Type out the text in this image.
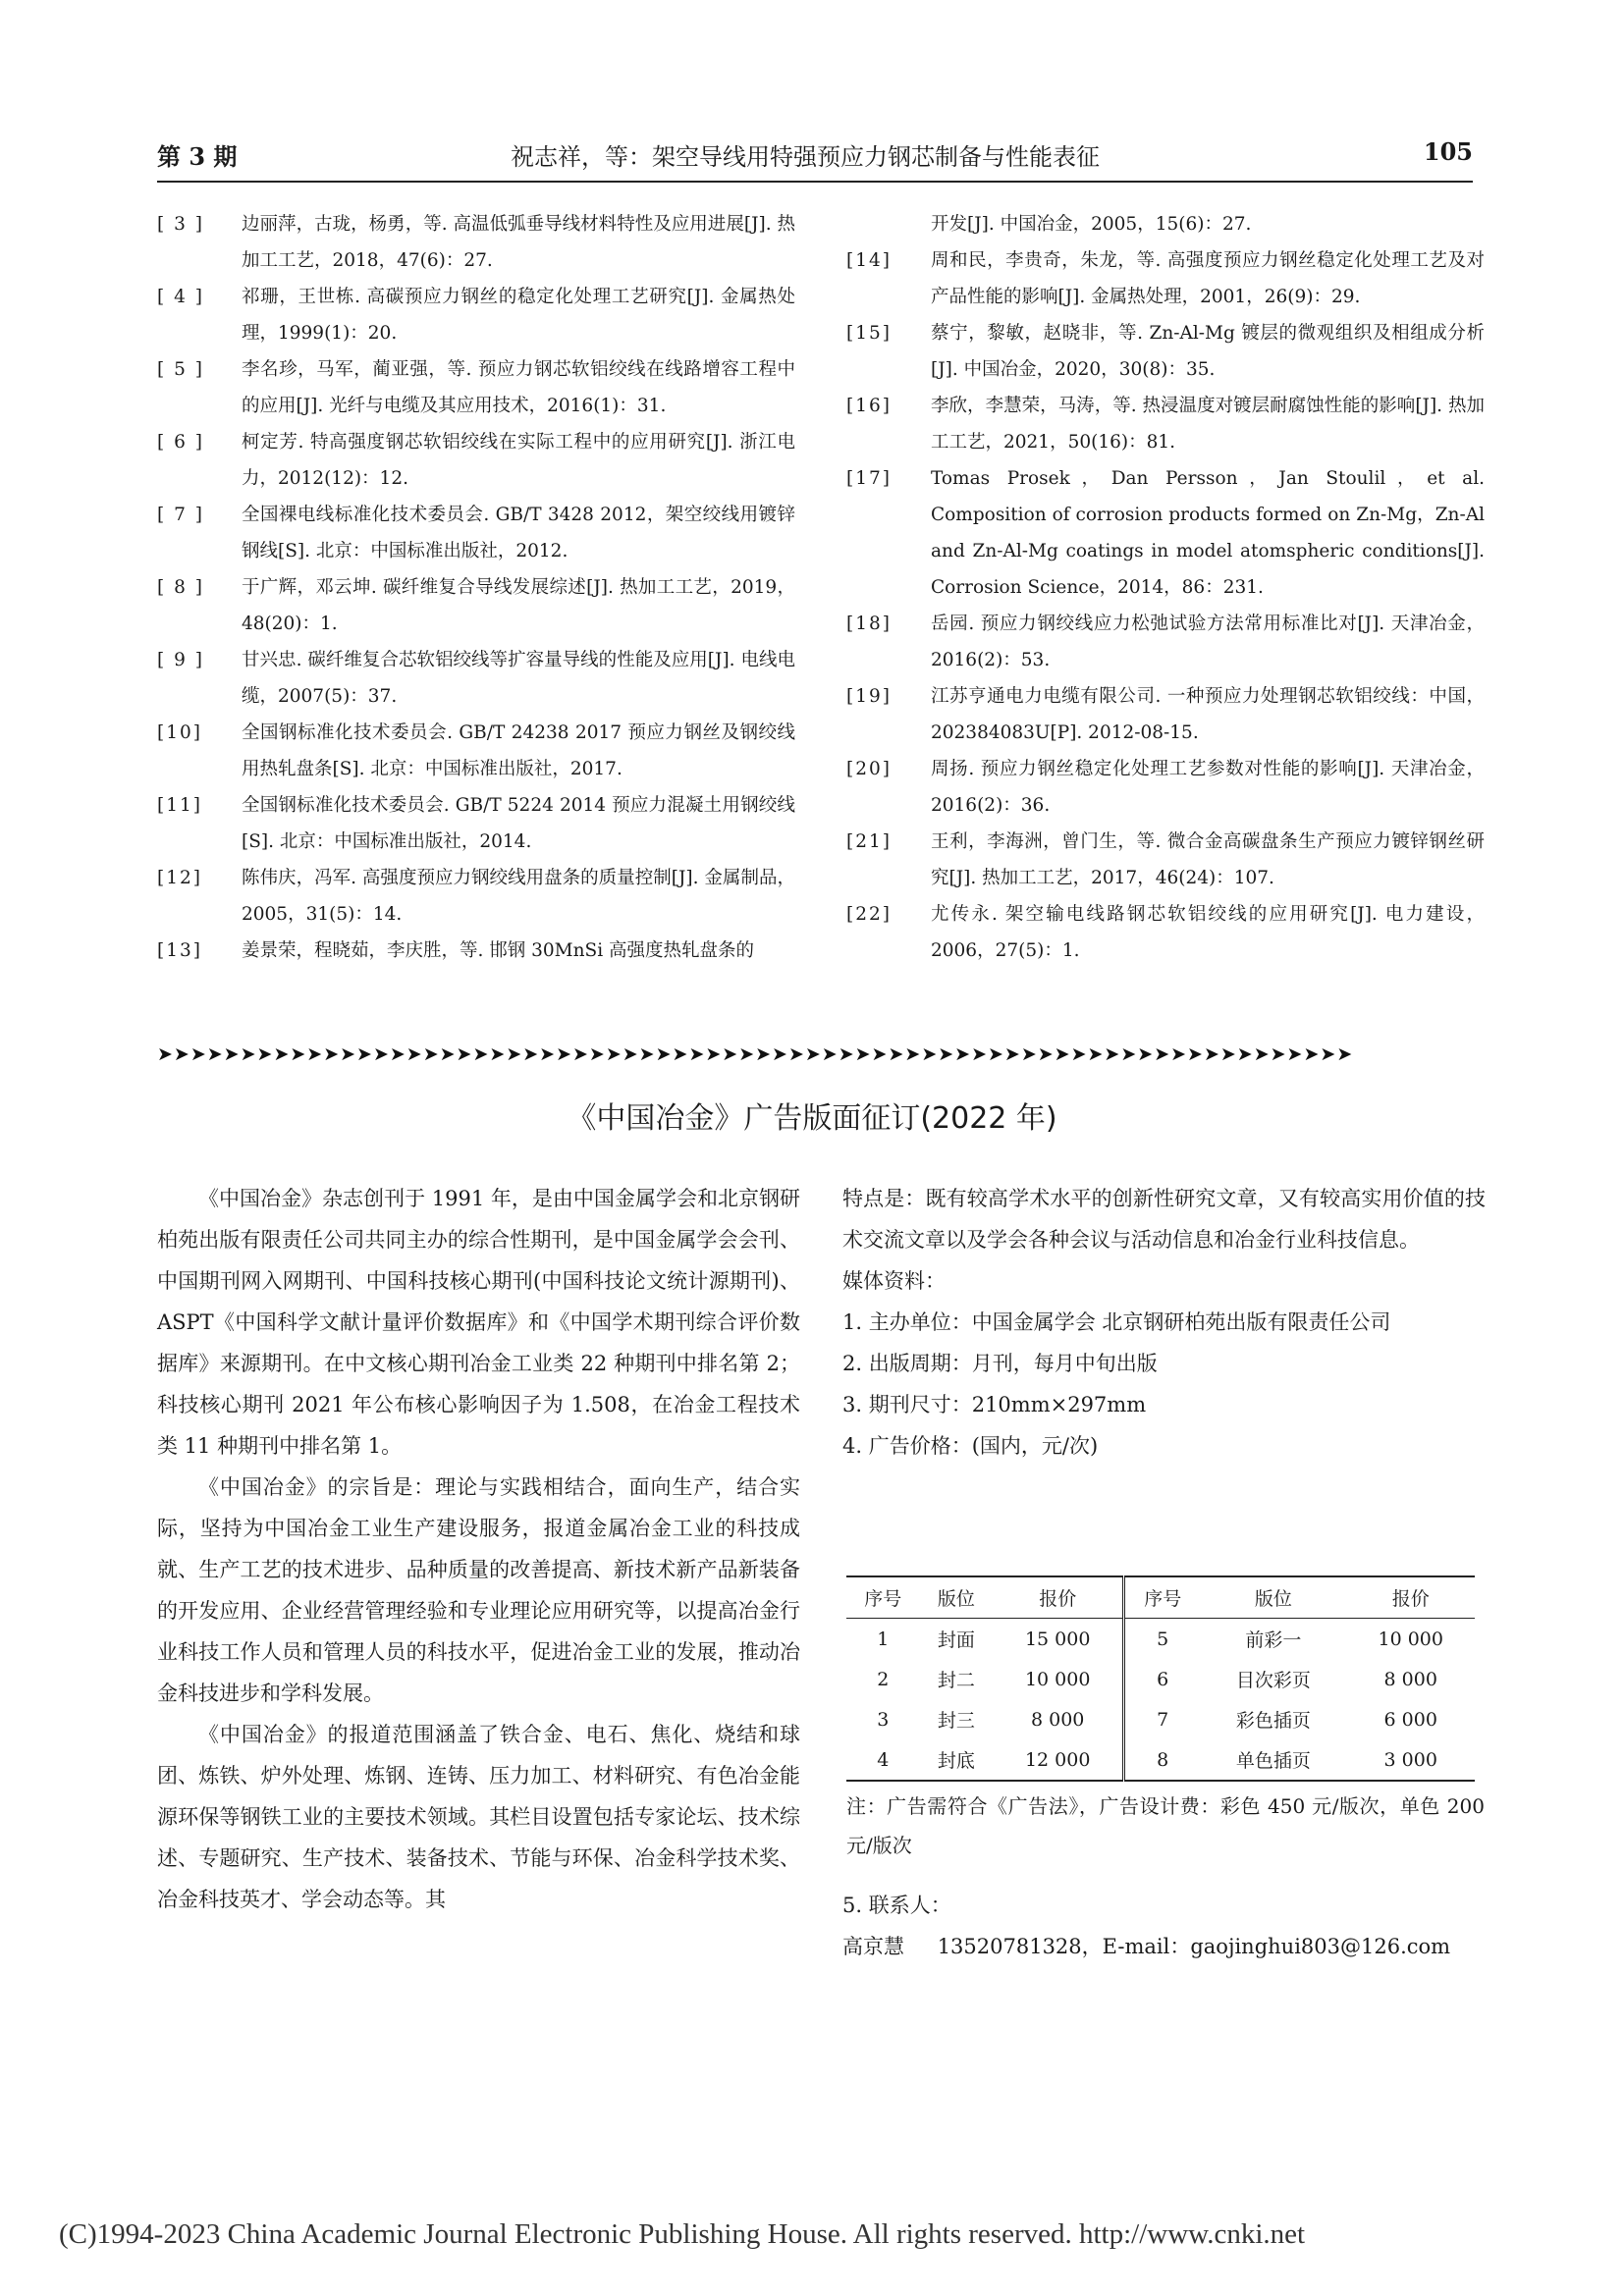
第 3 期	祝志祥，等：架空导线用特强预应力钢芯制备与性能表征	105

[ 3 ]	边丽萍，古珑，杨勇，等. 高温低弧垂导线材料特性及应用进展[J]. 热加工工艺，2018，47(6)：27.

[ 4 ]	祁珊，王世栋. 高碳预应力钢丝的稳定化处理工艺研究[J]. 金属热处理，1999(1)：20.

[ 5 ]	李名珍，马军，蔺亚强，等. 预应力钢芯软铝绞线在线路增容工程中的应用[J]. 光纤与电缆及其应用技术，2016(1)：31.

[ 6 ]	柯定芳. 特高强度钢芯软铝绞线在实际工程中的应用研究[J]. 浙江电力，2012(12)：12.

[ 7 ]	全国裸电线标准化技术委员会. GB/T 3428 2012，架空绞线用镀锌钢线[S]. 北京：中国标准出版社，2012.

[ 8 ]	于广辉，邓云坤. 碳纤维复合导线发展综述[J]. 热加工工艺，2019，48(20)：1.

[ 9 ]	甘兴忠. 碳纤维复合芯软铝绞线等扩容量导线的性能及应用[J]. 电线电缆，2007(5)：37.

[10]	全国钢标准化技术委员会. GB/T 24238 2017 预应力钢丝及钢绞线用热轧盘条[S]. 北京：中国标准出版社，2017.

[11]	全国钢标准化技术委员会. GB/T 5224 2014 预应力混凝土用钢绞线[S]. 北京：中国标准出版社，2014.

[12]	陈伟庆，冯军. 高强度预应力钢绞线用盘条的质量控制[J]. 金属制品，2005，31(5)：14.

[13]	姜景荣，程晓茹，李庆胜，等. 邯钢 30MnSi 高强度热轧盘条的

开发[J]. 中国冶金，2005，15(6)：27.

[14]	周和民，李贵奇，朱龙，等. 高强度预应力钢丝稳定化处理工艺及对产品性能的影响[J]. 金属热处理，2001，26(9)：29.

[15]	蔡宁，黎敏，赵晓非，等. Zn-Al-Mg 镀层的微观组织及相组成分析[J]. 中国冶金，2020，30(8)：35.

[16]	李欣，李慧荣，马涛，等. 热浸温度对镀层耐腐蚀性能的影响[J]. 热加工工艺，2021，50(16)：81.

[17]	Tomas Prosek，Dan Persson，Jan Stoulil，et al. Composition of corrosion products formed on Zn-Mg，Zn-Al and Zn-Al-Mg coatings in model atomspheric conditions[J]. Corrosion Science，2014，86：231.

[18]	岳园. 预应力钢绞线应力松弛试验方法常用标准比对[J]. 天津冶金，2016(2)：53.

[19]	江苏亨通电力电缆有限公司. 一种预应力处理钢芯软铝绞线：中国，202384083U[P]. 2012-08-15.

[20]	周扬. 预应力钢丝稳定化处理工艺参数对性能的影响[J]. 天津冶金，2016(2)：36.

[21]	王利，李海洲，曾门生，等. 微合金高碳盘条生产预应力镀锌钢丝研究[J]. 热加工工艺，2017，46(24)：107.

[22]	尤传永. 架空输电线路钢芯软铝绞线的应用研究[J]. 电力建设，2006，27(5)：1.

➤➤➤➤➤➤➤➤➤➤➤➤➤➤➤➤➤➤➤➤➤➤➤➤➤➤➤➤➤➤➤➤➤➤➤➤➤➤➤➤➤➤➤➤➤➤➤➤➤➤➤➤➤➤➤➤➤➤➤➤➤➤➤➤➤➤➤➤➤➤➤➤
《中国冶金》广告版面征订(2022 年)

《中国冶金》杂志创刊于 1991 年，是由中国金属学会和北京钢研柏苑出版有限责任公司共同主办的综合性期刊，是中国金属学会会刊、中国期刊网入网期刊、中国科技核心期刊(中国科技论文统计源期刊)、ASPT《中国科学文献计量评价数据库》和《中国学术期刊综合评价数据库》来源期刊。在中文核心期刊冶金工业类 22 种期刊中排名第 2；科技核心期刊 2021 年公布核心影响因子为 1.508，在冶金工程技术类 11 种期刊中排名第 1。

《中国冶金》的宗旨是：理论与实践相结合，面向生产，结合实际，坚持为中国冶金工业生产建设服务，报道金属冶金工业的科技成就、生产工艺的技术进步、品种质量的改善提高、新技术新产品新装备的开发应用、企业经营管理经验和专业理论应用研究等，以提高冶金行业科技工作人员和管理人员的科技水平，促进冶金工业的发展，推动冶金科技进步和学科发展。

《中国冶金》的报道范围涵盖了铁合金、电石、焦化、烧结和球团、炼铁、炉外处理、炼钢、连铸、压力加工、材料研究、有色冶金能源环保等钢铁工业的主要技术领域。其栏目设置包括专家论坛、技术综述、专题研究、生产技术、装备技术、节能与环保、冶金科学技术奖、冶金科技英才、学会动态等。其

特点是：既有较高学术水平的创新性研究文章，又有较高实用价值的技术交流文章以及学会各种会议与活动信息和冶金行业科技信息。

媒体资料：

1. 主办单位：中国金属学会 北京钢研柏苑出版有限责任公司

2. 出版周期：月刊，每月中旬出版

3. 期刊尺寸：210mm×297mm

4. 广告价格：(国内，元/次)

序号	版位	报价	序号	版位	报价
1	封面	15 000	5	前彩一	10 000
2	封二	10 000	6	目次彩页	8 000
3	封三	8 000	7	彩色插页	6 000
4	封底	12 000	8	单色插页	3 000

注：广告需符合《广告法》，广告设计费：彩色 450 元/版次，单色 200 元/版次

5. 联系人：

高京慧 13520781328，E-mail：gaojinghui803@126.com

(C)1994-2023 China Academic Journal Electronic Publishing House. All rights reserved. http://www.cnki.net
